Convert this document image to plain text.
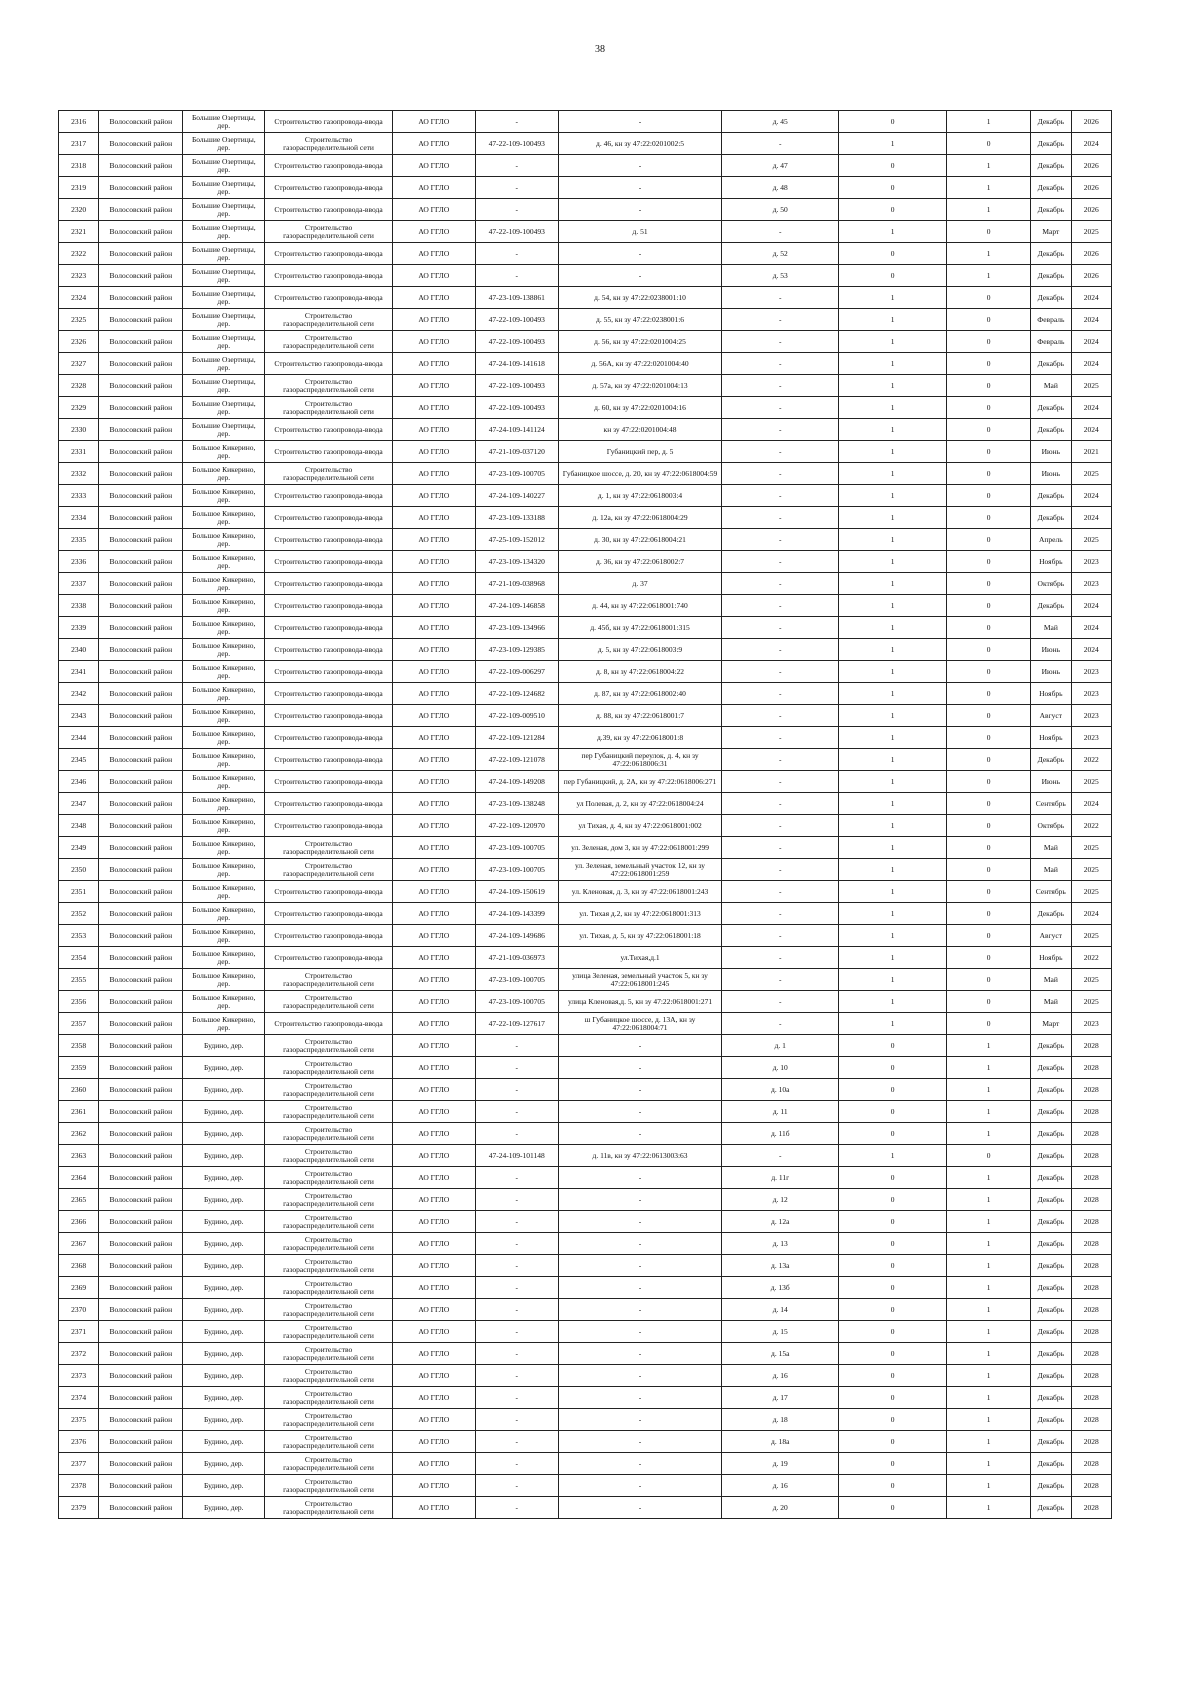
38
2316	Волосовский район	Большие Озертицы, дер.	Строительство газопровода-ввода	АО ГГЛО	-	-	д. 45	0	1	Декабрь	2026
2317	Волосовский район	Большие Озертицы, дер.	Строительство газораспределительной сети	АО ГГЛО	47-22-109-100493	д. 46, кн зу 47:22:0201002:5	-	1	0	Декабрь	2024
2318	Волосовский район	Большие Озертицы, дер.	Строительство газопровода-ввода	АО ГГЛО	-	-	д. 47	0	1	Декабрь	2026
2319	Волосовский район	Большие Озертицы, дер.	Строительство газопровода-ввода	АО ГГЛО	-	-	д. 48	0	1	Декабрь	2026
2320	Волосовский район	Большие Озертицы, дер.	Строительство газопровода-ввода	АО ГГЛО	-	-	д. 50	0	1	Декабрь	2026
2321	Волосовский район	Большие Озертицы, дер.	Строительство газораспределительной сети	АО ГГЛО	47-22-109-100493	д. 51	-	1	0	Март	2025
2322	Волосовский район	Большие Озертицы, дер.	Строительство газопровода-ввода	АО ГГЛО	-	-	д. 52	0	1	Декабрь	2026
2323	Волосовский район	Большие Озертицы, дер.	Строительство газопровода-ввода	АО ГГЛО	-	-	д. 53	0	1	Декабрь	2026
2324	Волосовский район	Большие Озертицы, дер.	Строительство газопровода-ввода	АО ГГЛО	47-23-109-138861	д. 54, кн зу 47:22:0238001:10	-	1	0	Декабрь	2024
2325	Волосовский район	Большие Озертицы, дер.	Строительство газораспределительной сети	АО ГГЛО	47-22-109-100493	д. 55, кн зу 47:22:0238001:6	-	1	0	Февраль	2024
2326	Волосовский район	Большие Озертицы, дер.	Строительство газораспределительной сети	АО ГГЛО	47-22-109-100493	д. 56, кн зу 47:22:0201004:25	-	1	0	Февраль	2024
2327	Волосовский район	Большие Озертицы, дер.	Строительство газопровода-ввода	АО ГГЛО	47-24-109-141618	д. 56А, кн зу 47:22:0201004:40	-	1	0	Декабрь	2024
2328	Волосовский район	Большие Озертицы, дер.	Строительство газораспределительной сети	АО ГГЛО	47-22-109-100493	д. 57а, кн зу 47:22:0201004:13	-	1	0	Май	2025
2329	Волосовский район	Большие Озертицы, дер.	Строительство газораспределительной сети	АО ГГЛО	47-22-109-100493	д. 60, кн зу 47:22:0201004:16	-	1	0	Декабрь	2024
2330	Волосовский район	Большие Озертицы, дер.	Строительство газопровода-ввода	АО ГГЛО	47-24-109-141124	кн зу 47:22:0201004:48	-	1	0	Декабрь	2024
2331	Волосовский район	Большое Кикерино, дер.	Строительство газопровода-ввода	АО ГГЛО	47-21-109-037120	Губаницкий пер, д. 5	-	1	0	Июнь	2021
2332	Волосовский район	Большое Кикерино, дер.	Строительство газораспределительной сети	АО ГГЛО	47-23-109-100705	Губаницкое шоссе, д. 20, кн зу 47:22:0618004:59	-	1	0	Июнь	2025
2333	Волосовский район	Большое Кикерино, дер.	Строительство газопровода-ввода	АО ГГЛО	47-24-109-140227	д. 1, кн зу 47:22:0618003:4	-	1	0	Декабрь	2024
2334	Волосовский район	Большое Кикерино, дер.	Строительство газопровода-ввода	АО ГГЛО	47-23-109-133188	д. 12а, кн зу 47:22:0618004:29	-	1	0	Декабрь	2024
2335	Волосовский район	Большое Кикерино, дер.	Строительство газопровода-ввода	АО ГГЛО	47-25-109-152012	д. 30, кн зу 47:22:0618004:21	-	1	0	Апрель	2025
2336	Волосовский район	Большое Кикерино, дер.	Строительство газопровода-ввода	АО ГГЛО	47-23-109-134320	д. 36, кн зу 47:22:0618002:7	-	1	0	Ноябрь	2023
2337	Волосовский район	Большое Кикерино, дер.	Строительство газопровода-ввода	АО ГГЛО	47-21-109-038968	д. 37	-	1	0	Октябрь	2023
2338	Волосовский район	Большое Кикерино, дер.	Строительство газопровода-ввода	АО ГГЛО	47-24-109-146858	д. 44, кн зу 47:22:0618001:740	-	1	0	Декабрь	2024
2339	Волосовский район	Большое Кикерино, дер.	Строительство газопровода-ввода	АО ГГЛО	47-23-109-134966	д. 45б, кн зу 47:22:0618001:315	-	1	0	Май	2024
2340	Волосовский район	Большое Кикерино, дер.	Строительство газопровода-ввода	АО ГГЛО	47-23-109-129385	д. 5, кн зу 47:22:0618003:9	-	1	0	Июнь	2024
2341	Волосовский район	Большое Кикерино, дер.	Строительство газопровода-ввода	АО ГГЛО	47-22-109-006297	д. 8, кн зу 47:22:0618004:22	-	1	0	Июнь	2023
2342	Волосовский район	Большое Кикерино, дер.	Строительство газопровода-ввода	АО ГГЛО	47-22-109-124682	д. 87, кн зу 47:22:0618002:40	-	1	0	Ноябрь	2023
2343	Волосовский район	Большое Кикерино, дер.	Строительство газопровода-ввода	АО ГГЛО	47-22-109-009510	д. 88, кн зу 47:22:0618001:7	-	1	0	Август	2023
2344	Волосовский район	Большое Кикерино, дер.	Строительство газопровода-ввода	АО ГГЛО	47-22-109-121284	д.39, кн зу 47:22:0618001:8	-	1	0	Ноябрь	2023
2345	Волосовский район	Большое Кикерино, дер.	Строительство газопровода-ввода	АО ГГЛО	47-22-109-121078	пер Губаницкий переулок, д. 4, кн зу 47:22:0618006:31	-	1	0	Декабрь	2022
2346	Волосовский район	Большое Кикерино, дер.	Строительство газопровода-ввода	АО ГГЛО	47-24-109-149208	пер Губаницкий, д. 2А, кн зу 47:22:0618006:271	-	1	0	Июнь	2025
2347	Волосовский район	Большое Кикерино, дер.	Строительство газопровода-ввода	АО ГГЛО	47-23-109-138248	ул Полевая, д. 2, кн зу 47:22:0618004:24	-	1	0	Сентябрь	2024
2348	Волосовский район	Большое Кикерино, дер.	Строительство газопровода-ввода	АО ГГЛО	47-22-109-120970	ул Тихая, д. 4, кн зу 47:22:0618001:002	-	1	0	Октябрь	2022
2349	Волосовский район	Большое Кикерино, дер.	Строительство газораспределительной сети	АО ГГЛО	47-23-109-100705	ул. Зеленая, дом 3, кн зу 47:22:0618001:299	-	1	0	Май	2025
2350	Волосовский район	Большое Кикерино, дер.	Строительство газораспределительной сети	АО ГГЛО	47-23-109-100705	ул. Зеленая, земельный участок 12, кн зу 47:22:0618001:259	-	1	0	Май	2025
2351	Волосовский район	Большое Кикерино, дер.	Строительство газопровода-ввода	АО ГГЛО	47-24-109-150619	ул. Кленовая, д. 3, кн зу 47:22:0618001:243	-	1	0	Сентябрь	2025
2352	Волосовский район	Большое Кикерино, дер.	Строительство газопровода-ввода	АО ГГЛО	47-24-109-143399	ул. Тихая д.2, кн зу 47:22:0618001:313	-	1	0	Декабрь	2024
2353	Волосовский район	Большое Кикерино, дер.	Строительство газопровода-ввода	АО ГГЛО	47-24-109-149686	ул. Тихая, д. 5, кн зу 47:22:0618001:18	-	1	0	Август	2025
2354	Волосовский район	Большое Кикерино, дер.	Строительство газопровода-ввода	АО ГГЛО	47-21-109-036973	ул.Тихая,д.1	-	1	0	Ноябрь	2022
2355	Волосовский район	Большое Кикерино, дер.	Строительство газораспределительной сети	АО ГГЛО	47-23-109-100705	улица Зеленая, земельный участок 5, кн зу 47:22:0618001:245	-	1	0	Май	2025
2356	Волосовский район	Большое Кикерино, дер.	Строительство газораспределительной сети	АО ГГЛО	47-23-109-100705	улица Кленовая,д. 5, кн зу 47:22:0618001:271	-	1	0	Май	2025
2357	Волосовский район	Большое Кикерино, дер.	Строительство газопровода-ввода	АО ГГЛО	47-22-109-127617	ш Губаницкое шоссе, д. 13А, кн зу 47:22:0618004:71	-	1	0	Март	2023
2358	Волосовский район	Будино, дер.	Строительство газораспределительной сети	АО ГГЛО	-	-	д. 1	0	1	Декабрь	2028
2359	Волосовский район	Будино, дер.	Строительство газораспределительной сети	АО ГГЛО	-	-	д. 10	0	1	Декабрь	2028
2360	Волосовский район	Будино, дер.	Строительство газораспределительной сети	АО ГГЛО	-	-	д. 10а	0	1	Декабрь	2028
2361	Волосовский район	Будино, дер.	Строительство газораспределительной сети	АО ГГЛО	-	-	д. 11	0	1	Декабрь	2028
2362	Волосовский район	Будино, дер.	Строительство газораспределительной сети	АО ГГЛО	-	-	д. 11б	0	1	Декабрь	2028
2363	Волосовский район	Будино, дер.	Строительство газораспределительной сети	АО ГГЛО	47-24-109-101148	д. 11в, кн зу 47:22:0613003:63	-	1	0	Декабрь	2028
2364	Волосовский район	Будино, дер.	Строительство газораспределительной сети	АО ГГЛО	-	-	д. 11г	0	1	Декабрь	2028
2365	Волосовский район	Будино, дер.	Строительство газораспределительной сети	АО ГГЛО	-	-	д. 12	0	1	Декабрь	2028
2366	Волосовский район	Будино, дер.	Строительство газораспределительной сети	АО ГГЛО	-	-	д. 12а	0	1	Декабрь	2028
2367	Волосовский район	Будино, дер.	Строительство газораспределительной сети	АО ГГЛО	-	-	д. 13	0	1	Декабрь	2028
2368	Волосовский район	Будино, дер.	Строительство газораспределительной сети	АО ГГЛО	-	-	д. 13а	0	1	Декабрь	2028
2369	Волосовский район	Будино, дер.	Строительство газораспределительной сети	АО ГГЛО	-	-	д. 13б	0	1	Декабрь	2028
2370	Волосовский район	Будино, дер.	Строительство газораспределительной сети	АО ГГЛО	-	-	д. 14	0	1	Декабрь	2028
2371	Волосовский район	Будино, дер.	Строительство газораспределительной сети	АО ГГЛО	-	-	д. 15	0	1	Декабрь	2028
2372	Волосовский район	Будино, дер.	Строительство газораспределительной сети	АО ГГЛО	-	-	д. 15а	0	1	Декабрь	2028
2373	Волосовский район	Будино, дер.	Строительство газораспределительной сети	АО ГГЛО	-	-	д. 16	0	1	Декабрь	2028
2374	Волосовский район	Будино, дер.	Строительство газораспределительной сети	АО ГГЛО	-	-	д. 17	0	1	Декабрь	2028
2375	Волосовский район	Будино, дер.	Строительство газораспределительной сети	АО ГГЛО	-	-	д. 18	0	1	Декабрь	2028
2376	Волосовский район	Будино, дер.	Строительство газораспределительной сети	АО ГГЛО	-	-	д. 18а	0	1	Декабрь	2028
2377	Волосовский район	Будино, дер.	Строительство газораспределительной сети	АО ГГЛО	-	-	д. 19	0	1	Декабрь	2028
2378	Волосовский район	Будино, дер.	Строительство газораспределительной сети	АО ГГЛО	-	-	д. 16	0	1	Декабрь	2028
2379	Волосовский район	Будино, дер.	Строительство газораспределительной сети	АО ГГЛО	-	-	д. 20	0	1	Декабрь	2028
